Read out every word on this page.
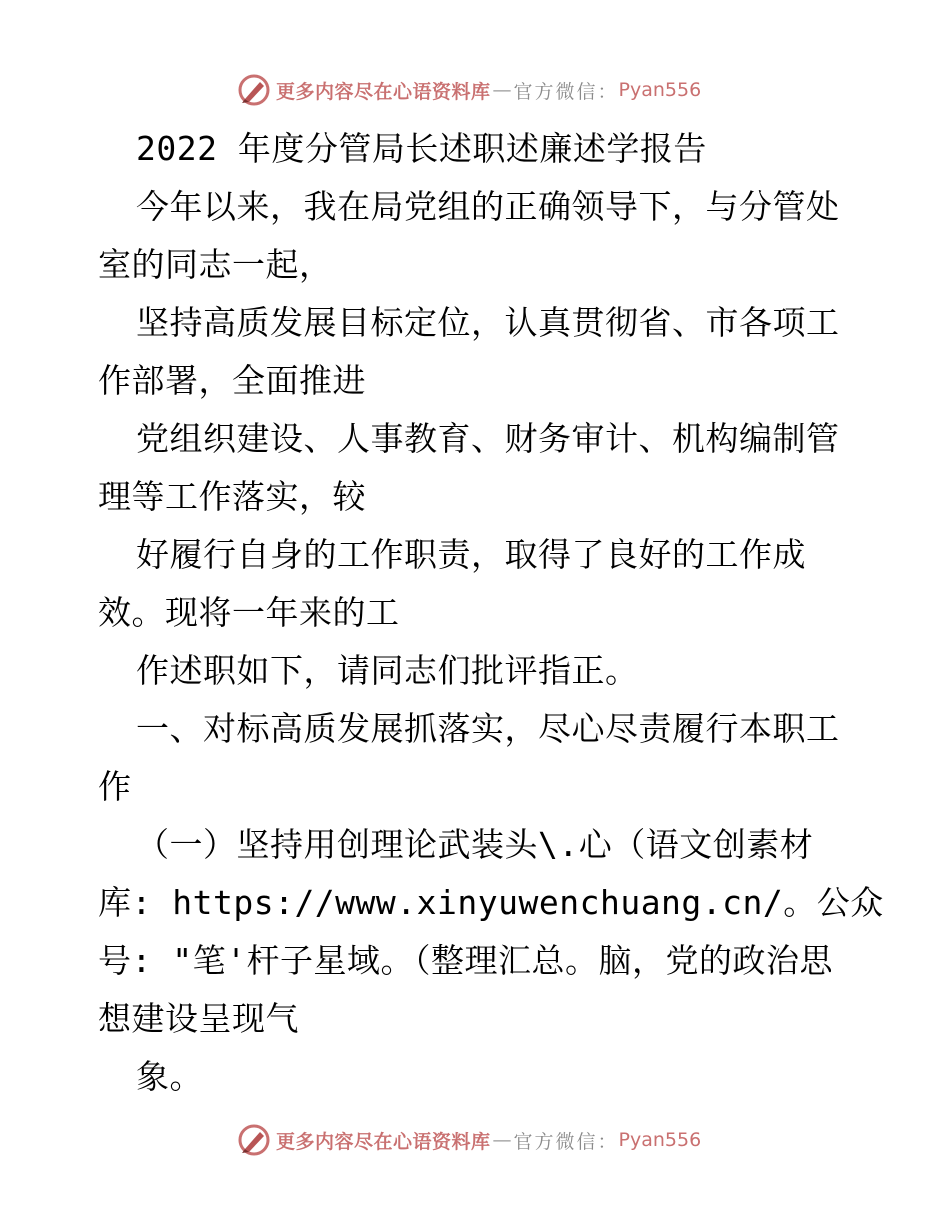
更多内容尽在心语资料库 — 官方微信： Pyan556
2022 年度分管局长述职述廉述学报告
今年以来，我在局党组的正确领导下，与分管处
室的同志一起，
坚持高质发展目标定位，认真贯彻省、市各项工
作部署，全面推进
党组织建设、人事教育、财务审计、机构编制管
理等工作落实，较
好履行自身的工作职责，取得了良好的工作成
效。现将一年来的工
作述职如下，请同志们批评指正。
一、对标高质发展抓落实，尽心尽责履行本职工
作
（一）坚持用创理论武装头\.心（语文创素材
库: https://www.xinyuwenchuang.cn/。公众
号: "笔'杆子星域。（整理汇总。脑，党的政治思
想建设呈现气
象。
更多内容尽在心语资料库 — 官方微信： Pyan556
